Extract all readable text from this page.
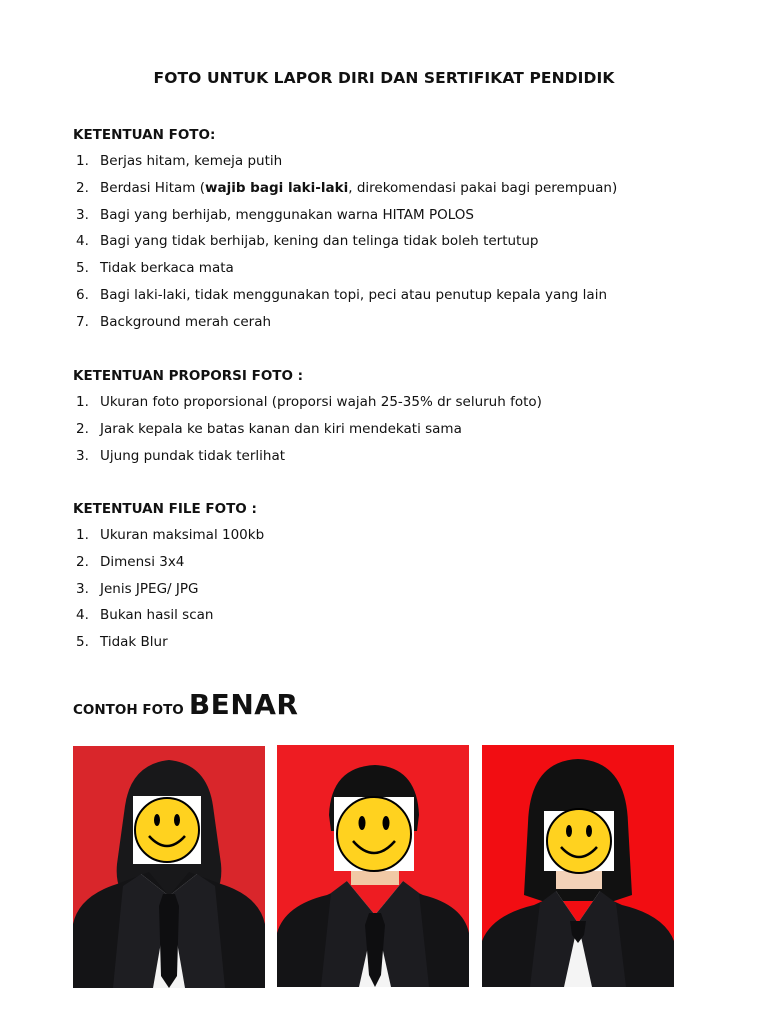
FOTO UNTUK LAPOR DIRI DAN SERTIFIKAT PENDIDIK
KETENTUAN FOTO:
1. Berjas hitam, kemeja putih
2. Berdasi Hitam (wajib bagi laki-laki, direkomendasi pakai bagi perempuan)
3. Bagi yang berhijab, menggunakan warna HITAM POLOS
4. Bagi yang tidak berhijab, kening dan telinga tidak boleh tertutup
5. Tidak berkaca mata
6. Bagi laki-laki, tidak menggunakan topi, peci atau penutup kepala yang lain
7. Background merah cerah
KETENTUAN PROPORSI FOTO :
1. Ukuran foto proporsional (proporsi wajah 25-35% dr seluruh foto)
2. Jarak kepala ke batas kanan dan kiri mendekati sama
3. Ujung pundak tidak terlihat
KETENTUAN FILE FOTO :
1. Ukuran maksimal 100kb
2. Dimensi 3x4
3. Jenis JPEG/ JPG
4. Bukan hasil scan
5. Tidak Blur
CONTOH FOTO BENAR
